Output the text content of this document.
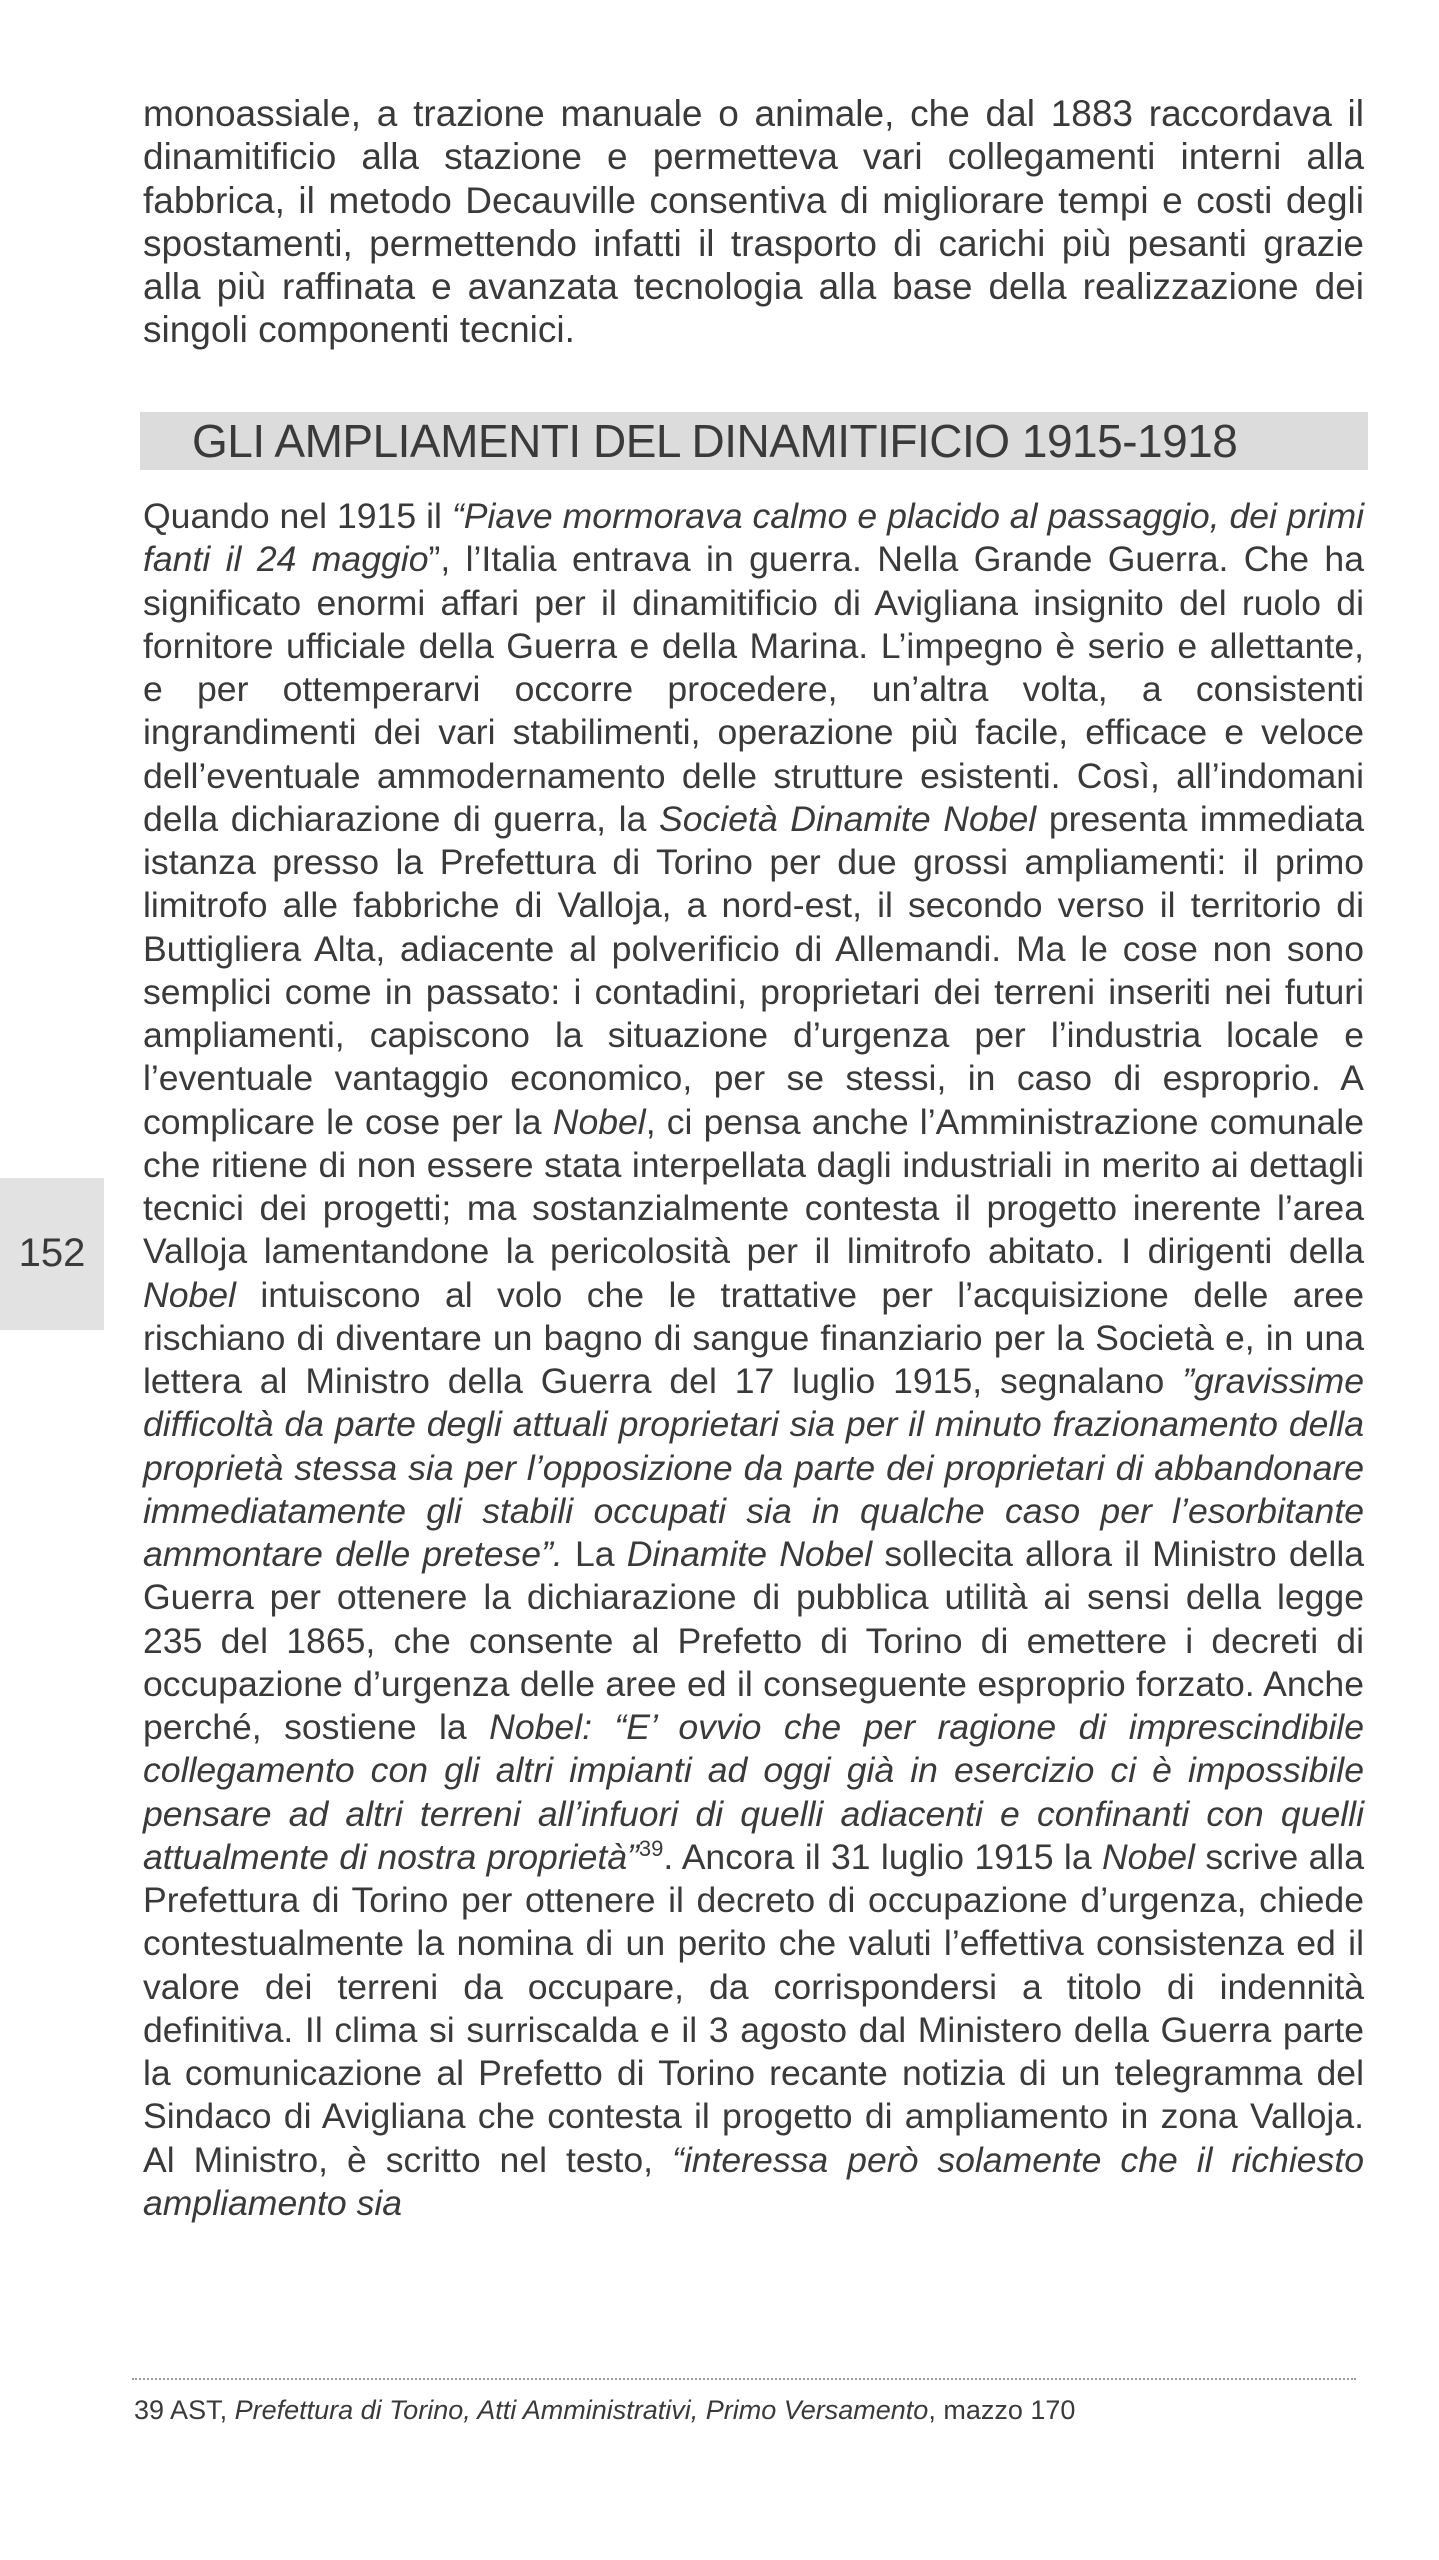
monoassiale, a trazione manuale o animale, che dal 1883 raccordava il dinamitificio alla stazione e permetteva vari collegamenti interni alla fabbrica, il metodo Decauville consentiva di migliorare tempi e costi degli spostamenti, permettendo infatti il trasporto di carichi più pesanti grazie alla più raffinata e avanzata tecnologia alla base della realizzazione dei singoli componenti tecnici.
GLI AMPLIAMENTI DEL DINAMITIFICIO 1915-1918

Quando nel 1915 il “Piave mormorava calmo e placido al passaggio, dei primi fanti il 24 maggio”, l’Italia entrava in guerra. Nella Grande Guerra. Che ha significato enormi affari per il dinamitificio di Avigliana insignito del ruolo di fornitore ufficiale della Guerra e della Marina. L’impegno è serio e allettante, e per ottemperarvi occorre procedere, un’altra volta, a consistenti ingrandimenti dei vari stabilimenti, operazione più facile, efficace e veloce dell’eventuale ammodernamento delle strutture esistenti. Così, all’indomani della dichiarazione di guerra, la Società Dinamite Nobel presenta immediata istanza presso la Prefettura di Torino per due grossi ampliamenti: il primo limitrofo alle fabbriche di Valloja, a nord-est, il secondo verso il territorio di Buttigliera Alta, adiacente al polverificio di Allemandi. Ma le cose non sono semplici come in passato: i contadini, proprietari dei terreni inseriti nei futuri ampliamenti, capiscono la situazione d’urgenza per l’industria locale e l’eventuale vantaggio economico, per se stessi, in caso di esproprio. A complicare le cose per la Nobel, ci pensa anche l’Amministrazione comunale che ritiene di non essere stata interpellata dagli industriali in merito ai dettagli tecnici dei progetti; ma sostanzialmente contesta il progetto inerente l’area Valloja lamentandone la pericolosità per il limitrofo abitato. I dirigenti della Nobel intuiscono al volo che le trattative per l’acquisizione delle aree rischiano di diventare un bagno di sangue finanziario per la Società e, in una lettera al Ministro della Guerra del 17 luglio 1915, segnalano ”gravissime difficoltà da parte degli attuali proprietari sia per il minuto frazionamento della proprietà stessa sia per l’opposizione da parte dei proprietari di abbandonare immediatamente gli stabili occupati sia in qualche caso per l’esorbitante ammontare delle pretese”. La Dinamite Nobel sollecita allora il Ministro della Guerra per ottenere la dichiarazione di pubblica utilità ai sensi della legge 235 del 1865, che consente al Prefetto di Torino di emettere i decreti di occupazione d’urgenza delle aree ed il conseguente esproprio forzato. Anche perché, sostiene la Nobel: “E’ ovvio che per ragione di imprescindibile collegamento con gli altri impianti ad oggi già in esercizio ci è impossibile pensare ad altri terreni all’infuori di quelli adiacenti e confinanti con quelli attualmente di nostra proprietà”$^{39}$. Ancora il 31 luglio 1915 la Nobel scrive alla Prefettura di Torino per ottenere il decreto di occupazione d’urgenza, chiede contestualmente la nomina di un perito che valuti l’effettiva consistenza ed il valore dei terreni da occupare, da corrispondersi a titolo di indennità definitiva. Il clima si surriscalda e il 3 agosto dal Ministero della Guerra parte la comunicazione al Prefetto di Torino recante notizia di un telegramma del Sindaco di Avigliana che contesta il progetto di ampliamento in zona Valloja. Al Ministro, è scritto nel testo, “interessa però solamente che il richiesto ampliamento sia

152
39 AST, Prefettura di Torino, Atti Amministrativi, Primo Versamento, mazzo 170
